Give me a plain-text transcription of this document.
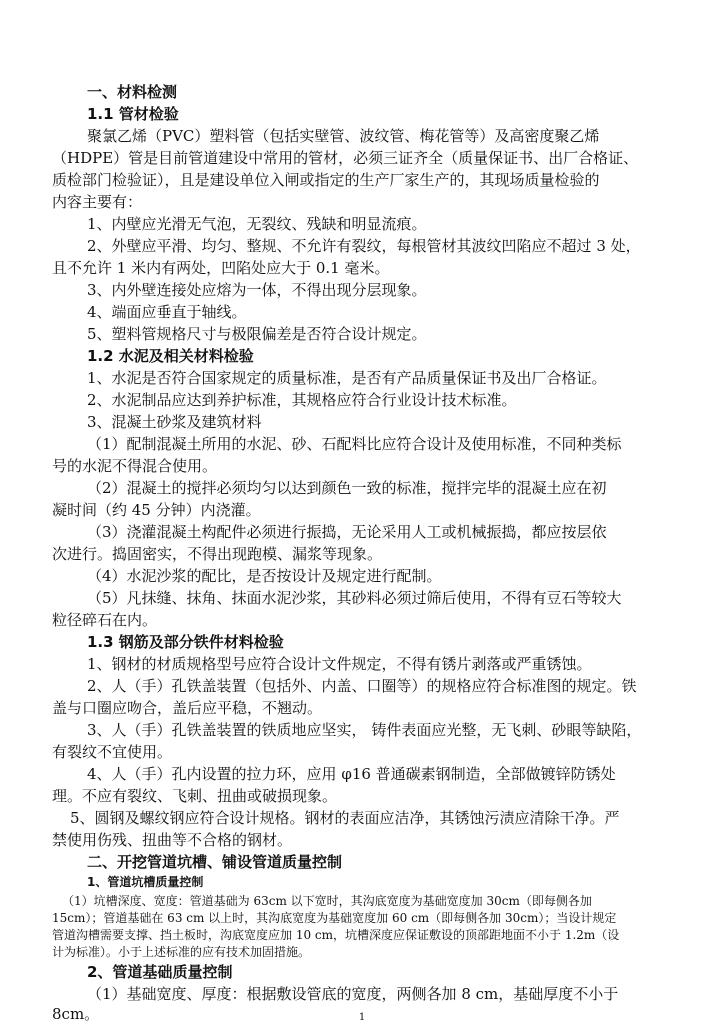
一、材料检测
1.1 管材检验
聚氯乙烯（PVC）塑料管（包括实壁管、波纹管、梅花管等）及高密度聚乙烯
（HDPE）管是目前管道建设中常用的管材，必须三证齐全（质量保证书、出厂合格证、
质检部门检验证），且是建设单位入闸或指定的生产厂家生产的，其现场质量检验的
内容主要有：
1、内壁应光滑无气泡，无裂纹、残缺和明显流痕。
2、外壁应平滑、均匀、整规、不允许有裂纹，每根管材其波纹凹陷应不超过 3 处，
且不允许 1 米内有两处，凹陷处应大于 0.1 毫米。
3、内外壁连接处应熔为一体，不得出现分层现象。
4、端面应垂直于轴线。
5、塑料管规格尺寸与极限偏差是否符合设计规定。
1.2 水泥及相关材料检验
1、水泥是否符合国家规定的质量标准，是否有产品质量保证书及出厂合格证。
2、水泥制品应达到养护标准，其规格应符合行业设计技术标准。
3、混凝土砂浆及建筑材料
（1）配制混凝土所用的水泥、砂、石配料比应符合设计及使用标准，不同种类标
号的水泥不得混合使用。
（2）混凝土的搅拌必须均匀以达到颜色一致的标准，搅拌完毕的混凝土应在初
凝时间（约 45 分钟）内浇灌。
（3）浇灌混凝土构配件必须进行振捣，无论采用人工或机械振捣，都应按层依
次进行。捣固密实，不得出现跑模、漏浆等现象。
（4）水泥沙浆的配比，是否按设计及规定进行配制。
（5）凡抹缝、抹角、抹面水泥沙浆，其砂料必须过筛后使用，不得有豆石等较大
粒径碎石在内。
1.3 钢筋及部分铁件材料检验
1、钢材的材质规格型号应符合设计文件规定，不得有锈片剥落或严重锈蚀。
2、人（手）孔铁盖装置（包括外、内盖、口圈等）的规格应符合标准图的规定。铁
盖与口圈应吻合，盖后应平稳，不翘动。
3、人（手）孔铁盖装置的铁质地应坚实， 铸件表面应光整，无飞刺、砂眼等缺陷，
有裂纹不宜使用。
4、人（手）孔内设置的拉力环，应用 φ16 普通碳素钢制造，全部做镀锌防锈处
理。不应有裂纹、飞刺、扭曲或破损现象。
5、圆钢及螺纹钢应符合设计规格。钢材的表面应洁净，其锈蚀污渍应清除干净。严
禁使用伤残、扭曲等不合格的钢材。
二、开挖管道坑槽、铺设管道质量控制
1、管道坑槽质量控制
（1）坑槽深度、宽度：管道基础为 63cm 以下宽时，其沟底宽度为基础宽度加 30cm（即每侧各加
15cm）；管道基础在 63 cm 以上时，其沟底宽度为基础宽度加 60 cm（即每侧各加 30cm）；当设计规定
管道沟槽需要支撑、挡土板时，沟底宽度应加 10 cm，坑槽深度应保证敷设的顶部距地面不小于 1.2m（设
计为标准）。小于上述标准的应有技术加固措施。
2、管道基础质量控制
（1）基础宽度、厚度：根据敷设管底的宽度，两侧各加 8 cm，基础厚度不小于
8cm。	1
